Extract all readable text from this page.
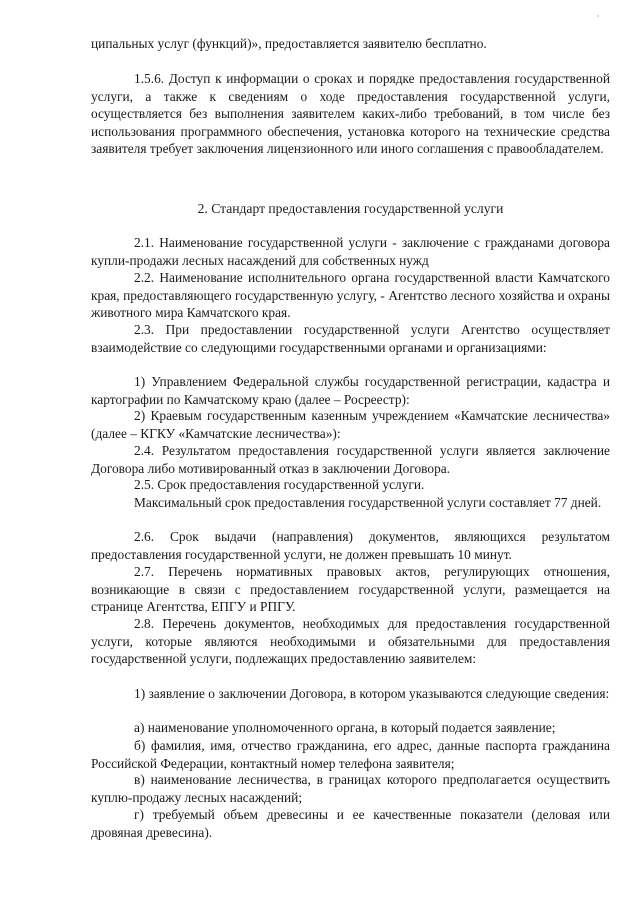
ципальных услуг (функций)», предоставляется заявителю бесплатно.

1.5.6. Доступ к информации о сроках и порядке предоставления государственной услуги, а также к сведениям о ходе предоставления государственной услуги, осуществляется без выполнения заявителем каких-либо требований, в том числе без использования программного обеспечения, установка которого на технические средства заявителя требует заключения лицензионного или иного соглашения с правообладателем.

2. Стандарт предоставления государственной услуги

2.1. Наименование государственной услуги - заключение с гражданами договора купли-продажи лесных насаждений для собственных нужд

2.2. Наименование исполнительного органа государственной власти Камчатского края, предоставляющего государственную услугу, - Агентство лесного хозяйства и охраны животного мира Камчатского края.

2.3. При предоставлении государственной услуги Агентство осуществляет взаимодействие со следующими государственными органами и организациями:

1) Управлением Федеральной службы государственной регистрации, кадастра и картографии по Камчатскому краю (далее – Росреестр):

2) Краевым государственным казенным учреждением «Камчатские лесничества» (далее – КГКУ «Камчатские лесничества»):

2.4. Результатом предоставления государственной услуги является заключение Договора либо мотивированный отказ в заключении Договора.

2.5. Срок предоставления государственной услуги.

Максимальный срок предоставления государственной услуги составляет 77 дней.

2.6. Срок выдачи (направления) документов, являющихся результатом предоставления государственной услуги, не должен превышать 10 минут.

2.7. Перечень нормативных правовых актов, регулирующих отношения, возникающие в связи с предоставлением государственной услуги, размещается на странице Агентства, ЕПГУ и РПГУ.

2.8. Перечень документов, необходимых для предоставления государственной услуги, которые являются необходимыми и обязательными для предоставления государственной услуги, подлежащих предоставлению заявителем:

1) заявление о заключении Договора, в котором указываются следующие сведения:

а) наименование уполномоченного органа, в который подается заявление;

б) фамилия, имя, отчество гражданина, его адрес, данные паспорта гражданина Российской Федерации, контактный номер телефона заявителя;

в) наименование лесничества, в границах которого предполагается осуществить куплю-продажу лесных насаждений;

г) требуемый объем древесины и ее качественные показатели (деловая или дровяная древесина).
